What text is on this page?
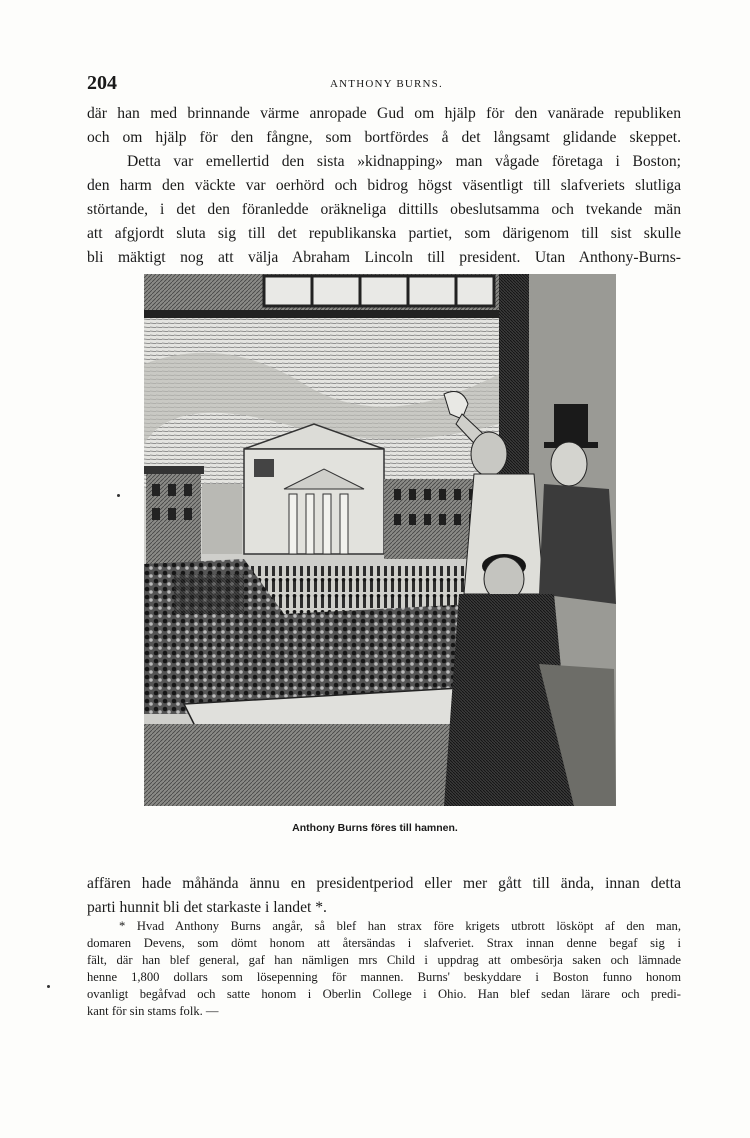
204	ANTHONY BURNS.
där han med brinnande värme anropade Gud om hjälp för den vanärade republiken
och om hjälp för den fångne, som bortfördes å det långsamt glidande skeppet.
Detta var emellertid den sista »kidnapping» man vågade företaga i Boston;
den harm den väckte var oerhörd och bidrog högst väsentligt till slafveriets slutliga
störtande, i det den föranledde oräkneliga dittills obeslutsamma och tvekande män
att afgjordt sluta sig till det republikanska partiet, som därigenom till sist skulle
bli mäktigt nog att välja Abraham Lincoln till president. Utan Anthony-Burns-
Anthony Burns föres till hamnen.
affären hade måhända ännu en presidentperiod eller mer gått till ända, innan detta
parti hunnit bli det starkaste i landet *.
* Hvad Anthony Burns angår, så blef han strax före krigets utbrott lösköpt af den man,
domaren Devens, som dömt honom att återsändas i slafveriet. Strax innan denne begaf sig i
fält, där han blef general, gaf han nämligen mrs Child i uppdrag att ombesörja saken och lämnade
henne 1,800 dollars som lösepenning för mannen. Burns' beskyddare i Boston funno honom
ovanligt begåfvad och satte honom i Oberlin College i Ohio. Han blef sedan lärare och predi-
kant för sin stams folk. —
